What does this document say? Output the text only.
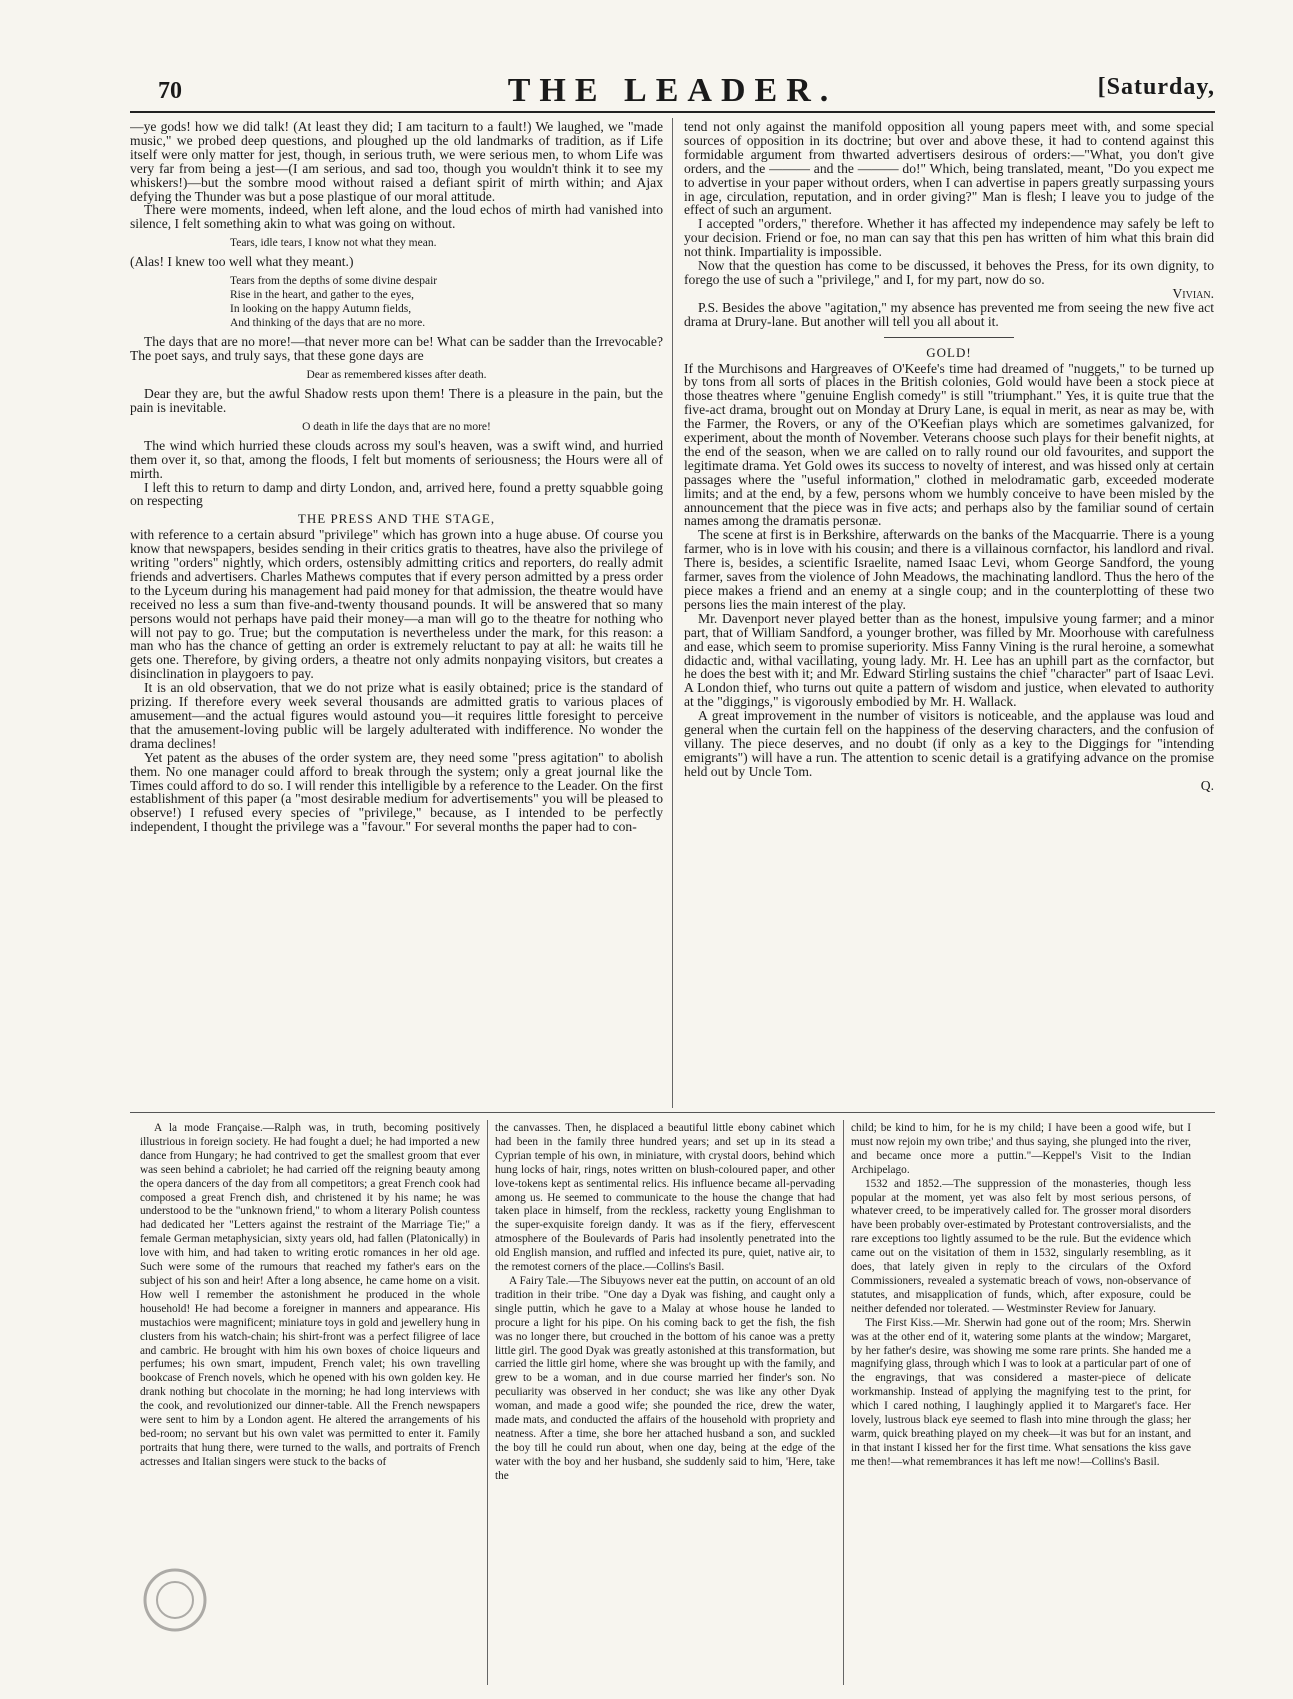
70	THE LEADER.	[Saturday,

—ye gods! how we did talk! (At least they did; I am taciturn to a fault!) We laughed, we "made music," we probed deep questions, and ploughed up the old landmarks of tradition, as if Life itself were only matter for jest, though, in serious truth, we were serious men, to whom Life was very far from being a jest—(I am serious, and sad too, though you wouldn't think it to see my whiskers!)—but the sombre mood without raised a defiant spirit of mirth within; and Ajax defying the Thunder was but a pose plastique of our moral attitude.

There were moments, indeed, when left alone, and the loud echos of mirth had vanished into silence, I felt something akin to what was going on without.

Tears, idle tears, I know not what they mean.

(Alas! I knew too well what they meant.)

Tears from the depths of some divine despair
Rise in the heart, and gather to the eyes,
In looking on the happy Autumn fields,
And thinking of the days that are no more.

The days that are no more!—that never more can be! What can be sadder than the Irrevocable? The poet says, and truly says, that these gone days are

Dear as remembered kisses after death.

Dear they are, but the awful Shadow rests upon them! There is a pleasure in the pain, but the pain is inevitable.

O death in life the days that are no more!

The wind which hurried these clouds across my soul's heaven, was a swift wind, and hurried them over it, so that, among the floods, I felt but moments of seriousness; the Hours were all of mirth.

I left this to return to damp and dirty London, and, arrived here, found a pretty squabble going on respecting

THE PRESS AND THE STAGE,

with reference to a certain absurd "privilege" which has grown into a huge abuse. Of course you know that newspapers, besides sending in their critics gratis to theatres, have also the privilege of writing "orders" nightly, which orders, ostensibly admitting critics and reporters, do really admit friends and advertisers. Charles Mathews computes that if every person admitted by a press order to the Lyceum during his management had paid money for that admission, the theatre would have received no less a sum than five-and-twenty thousand pounds. It will be answered that so many persons would not perhaps have paid their money—a man will go to the theatre for nothing who will not pay to go. True; but the computation is nevertheless under the mark, for this reason: a man who has the chance of getting an order is extremely reluctant to pay at all: he waits till he gets one. Therefore, by giving orders, a theatre not only admits nonpaying visitors, but creates a disinclination in playgoers to pay.

It is an old observation, that we do not prize what is easily obtained; price is the standard of prizing. If therefore every week several thousands are admitted gratis to various places of amusement—and the actual figures would astound you—it requires little foresight to perceive that the amusement-loving public will be largely adulterated with indifference. No wonder the drama declines!

Yet patent as the abuses of the order system are, they need some "press agitation" to abolish them. No one manager could afford to break through the system; only a great journal like the Times could afford to do so. I will render this intelligible by a reference to the Leader. On the first establishment of this paper (a "most desirable medium for advertisements" you will be pleased to observe!) I refused every species of "privilege," because, as I intended to be perfectly independent, I thought the privilege was a "favour." For several months the paper had to con-

tend not only against the manifold opposition all young papers meet with, and some special sources of opposition in its doctrine; but over and above these, it had to contend against this formidable argument from thwarted advertisers desirous of orders:—"What, you don't give orders, and the ——— and the ——— do!" Which, being translated, meant, "Do you expect me to advertise in your paper without orders, when I can advertise in papers greatly surpassing yours in age, circulation, reputation, and in order giving?" Man is flesh; I leave you to judge of the effect of such an argument.

I accepted "orders," therefore. Whether it has affected my independence may safely be left to your decision. Friend or foe, no man can say that this pen has written of him what this brain did not think. Impartiality is impossible.

Now that the question has come to be discussed, it behoves the Press, for its own dignity, to forego the use of such a "privilege," and I, for my part, now do so.

Vivian.

P.S. Besides the above "agitation," my absence has prevented me from seeing the new five act drama at Drury-lane. But another will tell you all about it.

GOLD!

If the Murchisons and Hargreaves of O'Keefe's time had dreamed of "nuggets," to be turned up by tons from all sorts of places in the British colonies, Gold would have been a stock piece at those theatres where "genuine English comedy" is still "triumphant." Yes, it is quite true that the five-act drama, brought out on Monday at Drury Lane, is equal in merit, as near as may be, with the Farmer, the Rovers, or any of the O'Keefian plays which are sometimes galvanized, for experiment, about the month of November. Veterans choose such plays for their benefit nights, at the end of the season, when we are called on to rally round our old favourites, and support the legitimate drama. Yet Gold owes its success to novelty of interest, and was hissed only at certain passages where the "useful information," clothed in melodramatic garb, exceeded moderate limits; and at the end, by a few, persons whom we humbly conceive to have been misled by the announcement that the piece was in five acts; and perhaps also by the familiar sound of certain names among the dramatis personæ.

The scene at first is in Berkshire, afterwards on the banks of the Macquarrie. There is a young farmer, who is in love with his cousin; and there is a villainous cornfactor, his landlord and rival. There is, besides, a scientific Israelite, named Isaac Levi, whom George Sandford, the young farmer, saves from the violence of John Meadows, the machinating landlord. Thus the hero of the piece makes a friend and an enemy at a single coup; and in the counterplotting of these two persons lies the main interest of the play.

Mr. Davenport never played better than as the honest, impulsive young farmer; and a minor part, that of William Sandford, a younger brother, was filled by Mr. Moorhouse with carefulness and ease, which seem to promise superiority. Miss Fanny Vining is the rural heroine, a somewhat didactic and, withal vacillating, young lady. Mr. H. Lee has an uphill part as the cornfactor, but he does the best with it; and Mr. Edward Stirling sustains the chief "character" part of Isaac Levi. A London thief, who turns out quite a pattern of wisdom and justice, when elevated to authority at the "diggings," is vigorously embodied by Mr. H. Wallack.

A great improvement in the number of visitors is noticeable, and the applause was loud and general when the curtain fell on the happiness of the deserving characters, and the confusion of villany. The piece deserves, and no doubt (if only as a key to the Diggings for "intending emigrants") will have a run. The attention to scenic detail is a gratifying advance on the promise held out by Uncle Tom.

Q.

A la mode Française.—Ralph was, in truth, becoming positively illustrious in foreign society. He had fought a duel; he had imported a new dance from Hungary; he had contrived to get the smallest groom that ever was seen behind a cabriolet; he had carried off the reigning beauty among the opera dancers of the day from all competitors; a great French cook had composed a great French dish, and christened it by his name; he was understood to be the "unknown friend," to whom a literary Polish countess had dedicated her "Letters against the restraint of the Marriage Tie;" a female German metaphysician, sixty years old, had fallen (Platonically) in love with him, and had taken to writing erotic romances in her old age. Such were some of the rumours that reached my father's ears on the subject of his son and heir! After a long absence, he came home on a visit. How well I remember the astonishment he produced in the whole household! He had become a foreigner in manners and appearance. His mustachios were magnificent; miniature toys in gold and jewellery hung in clusters from his watch-chain; his shirt-front was a perfect filigree of lace and cambric. He brought with him his own boxes of choice liqueurs and perfumes; his own smart, impudent, French valet; his own travelling bookcase of French novels, which he opened with his own golden key. He drank nothing but chocolate in the morning; he had long interviews with the cook, and revolutionized our dinner-table. All the French newspapers were sent to him by a London agent. He altered the arrangements of his bed-room; no servant but his own valet was permitted to enter it. Family portraits that hung there, were turned to the walls, and portraits of French actresses and Italian singers were stuck to the backs of

the canvasses. Then, he displaced a beautiful little ebony cabinet which had been in the family three hundred years; and set up in its stead a Cyprian temple of his own, in miniature, with crystal doors, behind which hung locks of hair, rings, notes written on blush-coloured paper, and other love-tokens kept as sentimental relics. His influence became all-pervading among us. He seemed to communicate to the house the change that had taken place in himself, from the reckless, racketty young Englishman to the super-exquisite foreign dandy. It was as if the fiery, effervescent atmosphere of the Boulevards of Paris had insolently penetrated into the old English mansion, and ruffled and infected its pure, quiet, native air, to the remotest corners of the place.—Collins's Basil.

A Fairy Tale.—The Sibuyows never eat the puttin, on account of an old tradition in their tribe. "One day a Dyak was fishing, and caught only a single puttin, which he gave to a Malay at whose house he landed to procure a light for his pipe. On his coming back to get the fish, the fish was no longer there, but crouched in the bottom of his canoe was a pretty little girl. The good Dyak was greatly astonished at this transformation, but carried the little girl home, where she was brought up with the family, and grew to be a woman, and in due course married her finder's son. No peculiarity was observed in her conduct; she was like any other Dyak woman, and made a good wife; she pounded the rice, drew the water, made mats, and conducted the affairs of the household with propriety and neatness. After a time, she bore her attached husband a son, and suckled the boy till he could run about, when one day, being at the edge of the water with the boy and her husband, she suddenly said to him, 'Here, take the

child; be kind to him, for he is my child; I have been a good wife, but I must now rejoin my own tribe;' and thus saying, she plunged into the river, and became once more a puttin."—Keppel's Visit to the Indian Archipelago.

1532 and 1852.—The suppression of the monasteries, though less popular at the moment, yet was also felt by most serious persons, of whatever creed, to be imperatively called for. The grosser moral disorders have been probably over-estimated by Protestant controversialists, and the rare exceptions too lightly assumed to be the rule. But the evidence which came out on the visitation of them in 1532, singularly resembling, as it does, that lately given in reply to the circulars of the Oxford Commissioners, revealed a systematic breach of vows, non-observance of statutes, and misapplication of funds, which, after exposure, could be neither defended nor tolerated. — Westminster Review for January.

The First Kiss.—Mr. Sherwin had gone out of the room; Mrs. Sherwin was at the other end of it, watering some plants at the window; Margaret, by her father's desire, was showing me some rare prints. She handed me a magnifying glass, through which I was to look at a particular part of one of the engravings, that was considered a master-piece of delicate workmanship. Instead of applying the magnifying test to the print, for which I cared nothing, I laughingly applied it to Margaret's face. Her lovely, lustrous black eye seemed to flash into mine through the glass; her warm, quick breathing played on my cheek—it was but for an instant, and in that instant I kissed her for the first time. What sensations the kiss gave me then!—what remembrances it has left me now!—Collins's Basil.
